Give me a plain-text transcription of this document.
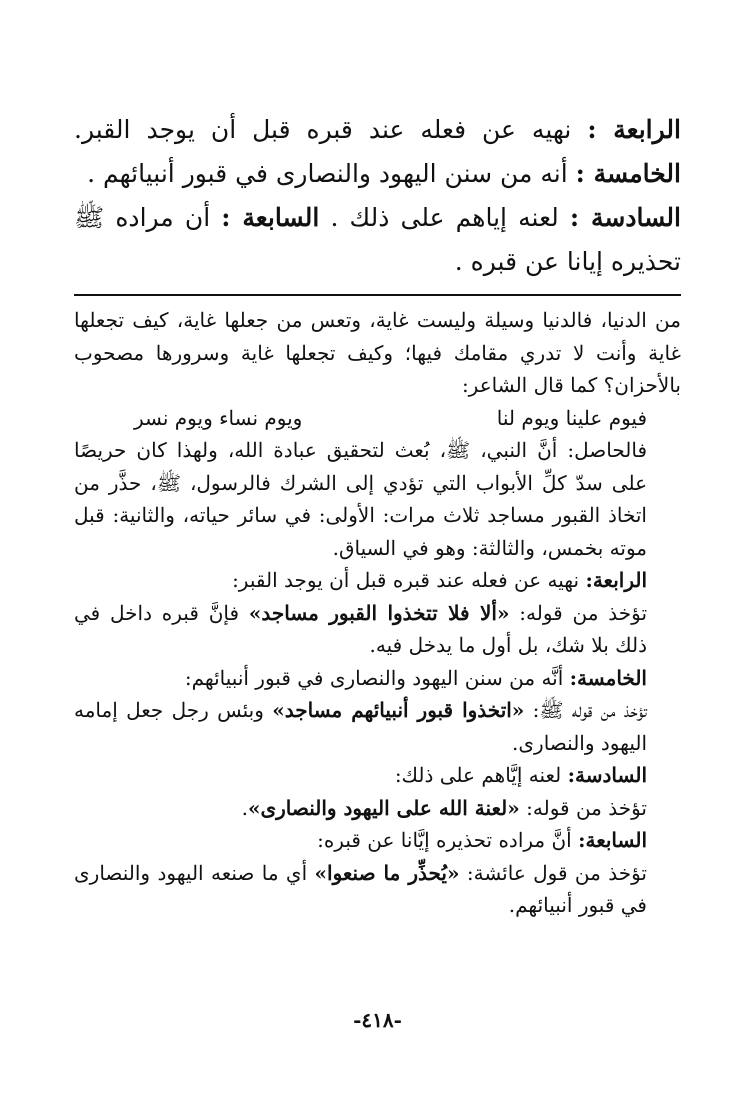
الرابعة : نهيه عن فعله عند قبره قبل أن يوجد القبر. الخامسة : أنه من سنن اليهود والنصارى في قبور أنبيائهم .

السادسة : لعنه إياهم على ذلك . السابعة : أن مراده ﷺ تحذيره إيانا عن قبره .

من الدنيا، فالدنيا وسيلة وليست غاية، وتعس من جعلها غاية، كيف تجعلها غاية وأنت لا تدري مقامك فيها؛ وكيف تجعلها غاية وسرورها مصحوب بالأحزان؟ كما قال الشاعر:

فيوم علينا ويوم لنا
ويوم نساء ويوم نسر

فالحاصل: أنَّ النبي، ﷺ، بُعث لتحقيق عبادة الله، ولهذا كان حريصًا على سدّ كلِّ الأبواب التي تؤدي إلى الشرك فالرسول، ﷺ، حذَّر من اتخاذ القبور مساجد ثلاث مرات: الأولى: في سائر حياته، والثانية: قبل موته بخمس، والثالثة: وهو في السياق.

الرابعة: نهيه عن فعله عند قبره قبل أن يوجد القبر:

تؤخذ من قوله: «ألا فلا تتخذوا القبور مساجد» فإنَّ قبره داخل في ذلك بلا شك، بل أول ما يدخل فيه.

الخامسة: أنَّه من سنن اليهود والنصارى في قبور أنبيائهم:

تؤخذ من قوله ﷺ: «اتخذوا قبور أنبيائهم مساجد» وبئس رجل جعل إمامه اليهود والنصارى.

السادسة: لعنه إيَّاهم على ذلك:

تؤخذ من قوله: «لعنة الله على اليهود والنصارى».

السابعة: أنَّ مراده تحذيره إيَّانا عن قبره:

تؤخذ من قول عائشة: «يُحذِّر ما صنعوا» أي ما صنعه اليهود والنصارى في قبور أنبيائهم.

-٤١٨-
